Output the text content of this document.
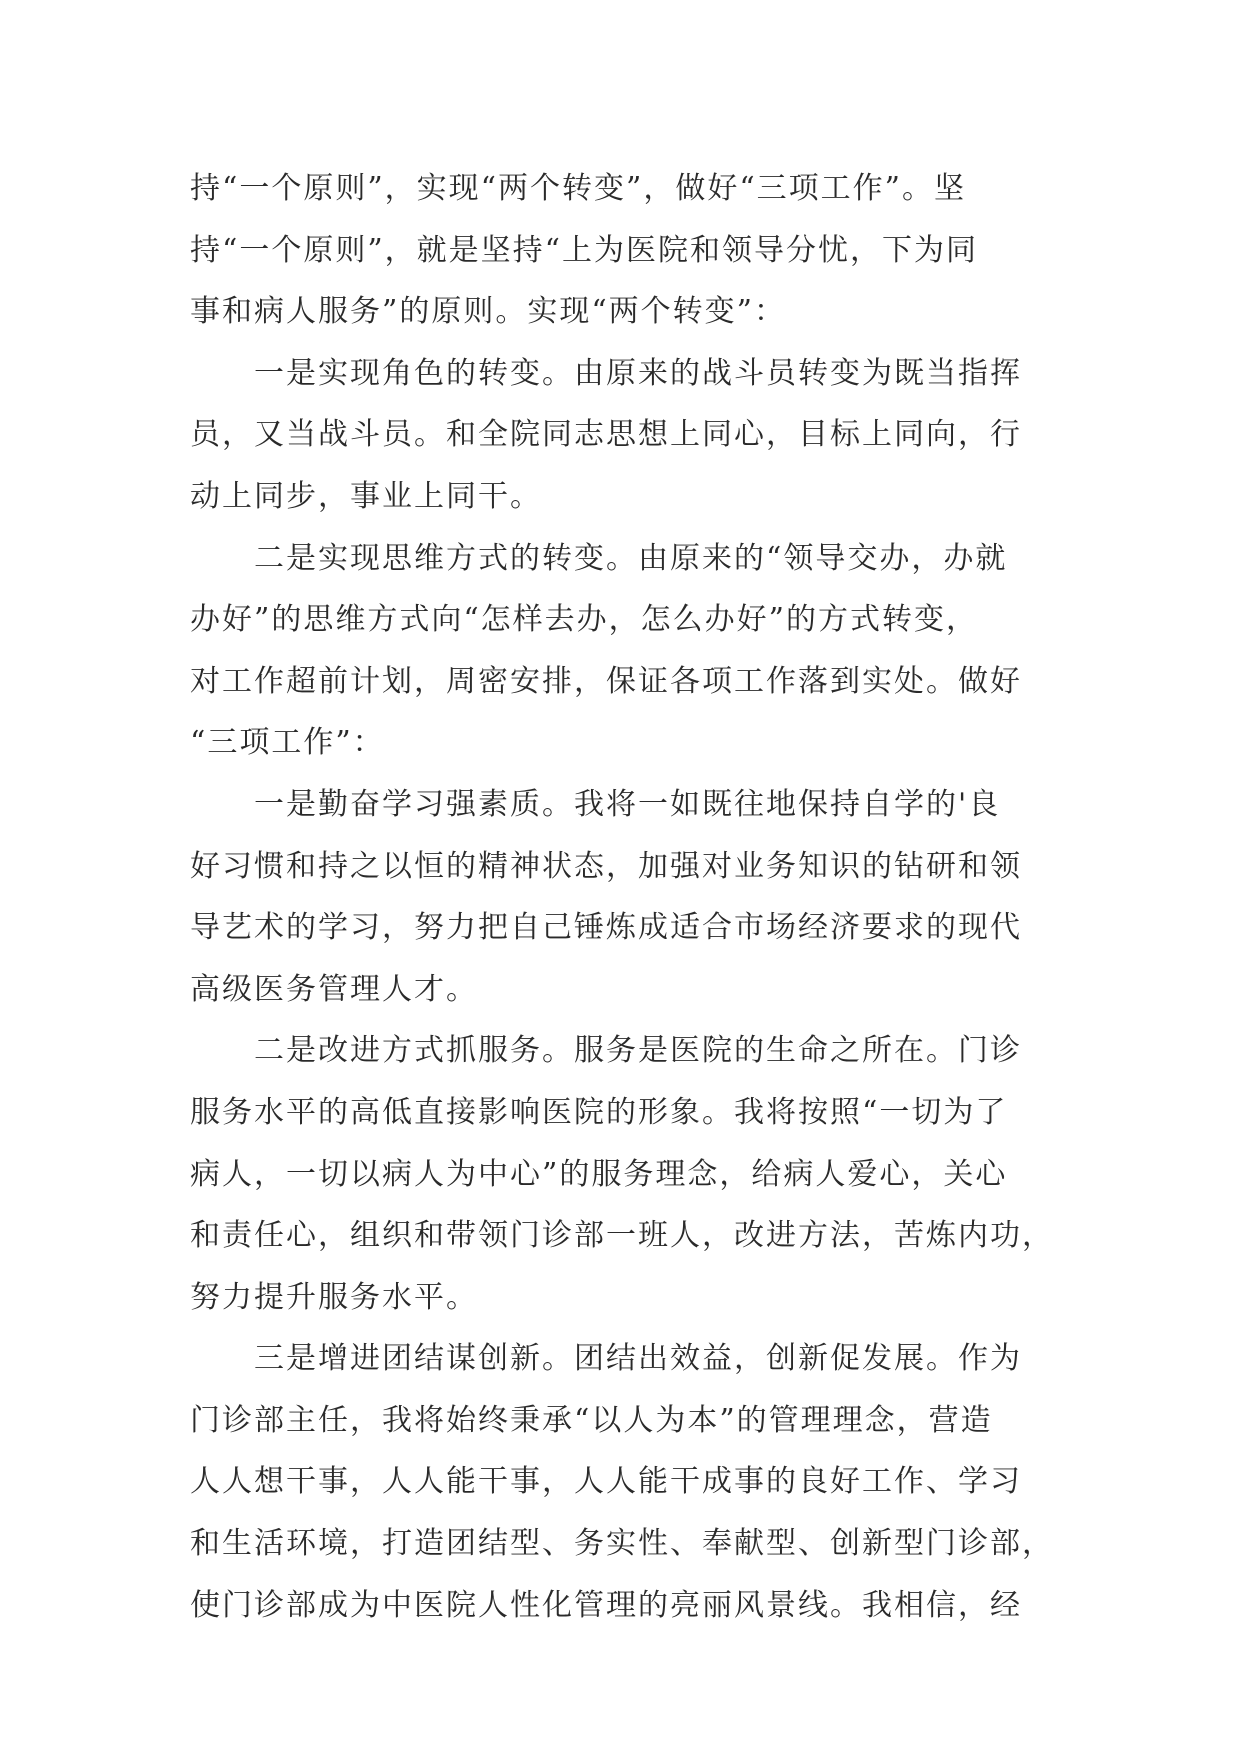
持“一个原则”，实现“两个转变”，做好“三项工作”。坚
持“一个原则”，就是坚持“上为医院和领导分忧，下为同
事和病人服务”的原则。实现“两个转变”：
一是实现角色的转变。由原来的战斗员转变为既当指挥
员，又当战斗员。和全院同志思想上同心，目标上同向，行
动上同步，事业上同干。
二是实现思维方式的转变。由原来的“领导交办，办就
办好”的思维方式向“怎样去办，怎么办好”的方式转变，
对工作超前计划，周密安排，保证各项工作落到实处。做好
“三项工作”：
一是勤奋学习强素质。我将一如既往地保持自学的'良
好习惯和持之以恒的精神状态，加强对业务知识的钻研和领
导艺术的学习，努力把自己锤炼成适合市场经济要求的现代
高级医务管理人才。
二是改进方式抓服务。服务是医院的生命之所在。门诊
服务水平的高低直接影响医院的形象。我将按照“一切为了
病人，一切以病人为中心”的服务理念，给病人爱心，关心
和责任心，组织和带领门诊部一班人，改进方法，苦炼内功，
努力提升服务水平。
三是增进团结谋创新。团结出效益，创新促发展。作为
门诊部主任，我将始终秉承“以人为本”的管理理念，营造
人人想干事，人人能干事，人人能干成事的良好工作、学习
和生活环境，打造团结型、务实性、奉献型、创新型门诊部，
使门诊部成为中医院人性化管理的亮丽风景线。我相信，经
